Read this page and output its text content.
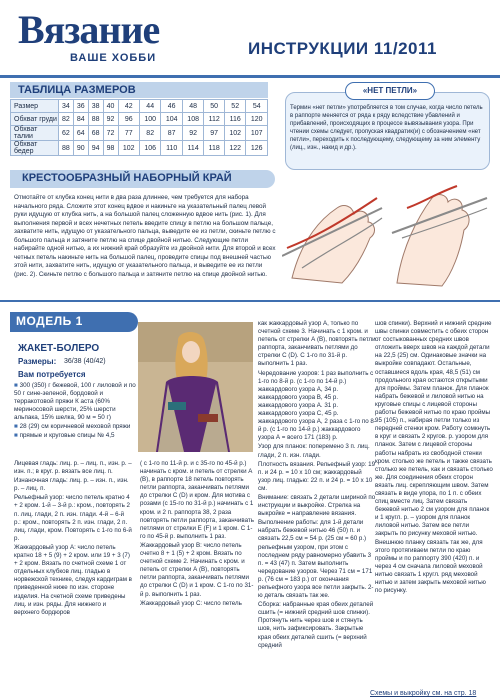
Вязание
ВАШЕ ХОББИ	ИНСТРУКЦИИ 11/2011
ТАБЛИЦА РАЗМЕРОВ
Размер	34	36	38	40	42	44	46	48	50	52	54
Обхват груди	82	84	88	92	96	100	104	108	112	116	120
Обхват талии	62	64	68	72	77	82	87	92	97	102	107
Обхват бедер	88	90	94	98	102	106	110	114	118	122	126
«НЕТ ПЕТЛИ»
Термин «нет петли» употребляется в том случае, когда число петель в раппорте меняется от ряда к ряду вследствие убавлений и прибавлений, происходящих в процессе вывязывания узора. При чтении схемы следует, пропуская квадратик(и) с обозначением «нет петли», переходить к последующему, следующему за ним элементу (лиц., изн., накид и др.).
КРЕСТООБРАЗНЫЙ НАБОРНЫЙ КРАЙ
Отмотайте от клубка конец нити в два раза длиннее, чем требуется для набора начального ряда. Сложите этот конец вдвое и накиньте на указательный палец левой руки идущую от клубка нить, а на большой палец сложенную вдвое нить (рис. 1). Для выполнения первой и всех нечетных петель введите спицу в петлю на большом пальце, захватите нить, идущую от указательного пальца, выведите ее из петли, скиньте петлю с большого пальца и затяните петлю на спице двойной нитью. Следующие петли набирайте одной нитью, а их нижний край образуйте из двойной нити. Для второй и всех четных петель накиньте нить на большой палец, проведите спицы под внешней частью этой нити, захватите нить, идущую от указательного пальца, и выведите ее из петли (рис. 2). Скиньте петлю с большого пальца и затяните петлю на спице двойной нитью.
МОДЕЛЬ 1
ЖАКЕТ-БОЛЕРО
Размеры: 36/38 (40/42)
Вам потребуется

■ 300 (350) г бежевой, 100 г лиловой и по 50 г сине-зеленой, бордовой и терракотовой пряжи К аста (60% мериносовой шерсти, 25% шерсти альпака, 15% шелка, 90 м = 50 г)

■ 28 (29) см коричневой меховой пряжи

■ прямые и круговые спицы № 4,5

Лицевая гладь: лиц. р. – лиц. п., изн. р. – изн. п.; в круг. р. вязать все лиц. п.

Изнаночная гладь: лиц. р. – изн. п., изн. р. – лиц. п.

Рельефный узор: число петель кратно 4 + 2 кром. 1-й – 3-й р.: кром., повторять 2 п. лиц. глади, 2 п. изн. глади. 4-й – 6-й р.: кром., повторять 2 п. изн. глади, 2 п. лиц. глади, кром. Повторять с 1-го по 6-й р.

Жаккардовый узор А: число петель кратно 18 + 5 (9) + 2 кром. или 19 + 3 (7) + 2 кром. Вязать по счетной схеме 1 от отдельных клубков лиц. гладью в норвежской технике, следуя кардиграм в приведенной ниже по изн. стороне изделия. На счетной схеме приведены лиц. и изн. ряды. Для нижнего и верхнего бордюров

( с 1-го по 11-й р. и с 35-го по 45-й р.) начинать с кром. и петель от стрелки А (B), в раппорте 18 петель повторять петли раппорта, заканчивать петлями до стрелки C (D) и кром. Для мотива с розами (с 15-го по 31-й р.) начинать с 1 кром. и 2 п. раппорта 38, 2 раза повторять петли раппорта, заканчивать петлями от стрелки E (F) и 1 кром. С 1-го по 45-й р. выполнить 1 раз.

Жаккардовый узор B: число петель счетно 8 + 1 (5) + 2 кром. Вязать по счетной схеме 2. Начинать с кром. и петель от стрелки А (B), повторять петли раппорта, заканчивать петлями до стрелки C (D) и 1 кром. С 1-го по 31-й р. выполнить 1 раз.

Жаккардовый узор C: число петель

как жаккардовый узор А, только по счетной схеме 3. Начинать с 1 кром. и петель от стрелки А (B), повторять петли раппорта, заканчивать петлями до стрелки C (D). С 1-го по 31-й р. выполнить 1 раз.

Чередование узоров: 1 раз выполнить с 1-го по 8-й р. (с 1-го по 14-й р.) жаккардового узора А, 34 р. жаккардового узора B, 45 р. жаккардового узора А. 31 р. жаккардового узора C, 45 р. жаккардового узора А, 2 раза с 1-го по 8-й р. (с 1-го по 14-й р.) жаккардового узора А = всего 171 (183) р.

Узор для планок: поперемено 3 п. лиц. глади, 2 п. изн. глади.

Плотность вязания. Рельефный узор: 19 п. и 24 р. = 10 х 10 см; жаккардовый узор лиц. гладью: 22 п. и 24 р. = 10 х 10 см.

Внимание: связать 2 детали шириной по инструкции и выкройке. Стрелка на выкройке = направление вязания.

Выполнение работы: для 1-й детали набрать бежевой нитью 46 (50) п. и связать 22,5 см = 54 р. (25 см = 60 р.) рельефным узором, при этом с последнем ряду равномерно убавить 3 п. = 43 (47) п. Затем выполнить чередование узоров. Через 71 см = 171 р. (76 см = 183 р.) от окончания рельефного узора все петли закрыть. 2-ю деталь связать так же.

Сборка: набранные края обеих деталей сшить (= нижний средний шов спинки). Протянуть нить через шов и стянуть шов, нить зафиксировать. Закрытые края обеих деталей сшить (= верхний средний

шов спинки). Верхний и нижний средние швы спинки совместить с обеих сторон от состыкованных средних швов отложить вверх швов на каждой детали на 22,5 (25) см. Одинаковые значки на выкройке совпадают. Остальные, оставшиеся вдоль края, 48,5 (51) см продольного края остаются открытыми для проймы. Затем планок. Для планок набрать бежевой и лиловой нитью на круговые спицы с лицевой стороны работы бежевой нитью по краю проймы 95 (105) п., набирая петли только из передней стенки кром. Работу сомкнуть в круг и связать 2 кругов. р. узором для планок. Затем с лицевой стороны работы набрать из свободной стенки кром. столько же петель и также связать столько же петель, как и связать столько же. Для соединения обеих сторон вязать лиц. скрепляющим швом. Затем связать в виде упора, по 1 п. с обеих спиц вместе лиц. Затем связать бежевой нитью 2 см узором для планок и 1 кругл. р. – узором для планок лиловой нитью. Затем все петли закрыть по рисунку меховой нитью. Внешнюю планку связать так же, для этого протягиваем петли по краю проймы и по раппорту 390 (420) п. и через 4 см сначала лиловой меховой нитью связать 1 кругл. ряд меховой нитью и затем закрыть меховой нитью по рисунку.

Схемы и выкройку см. на стр. 18
